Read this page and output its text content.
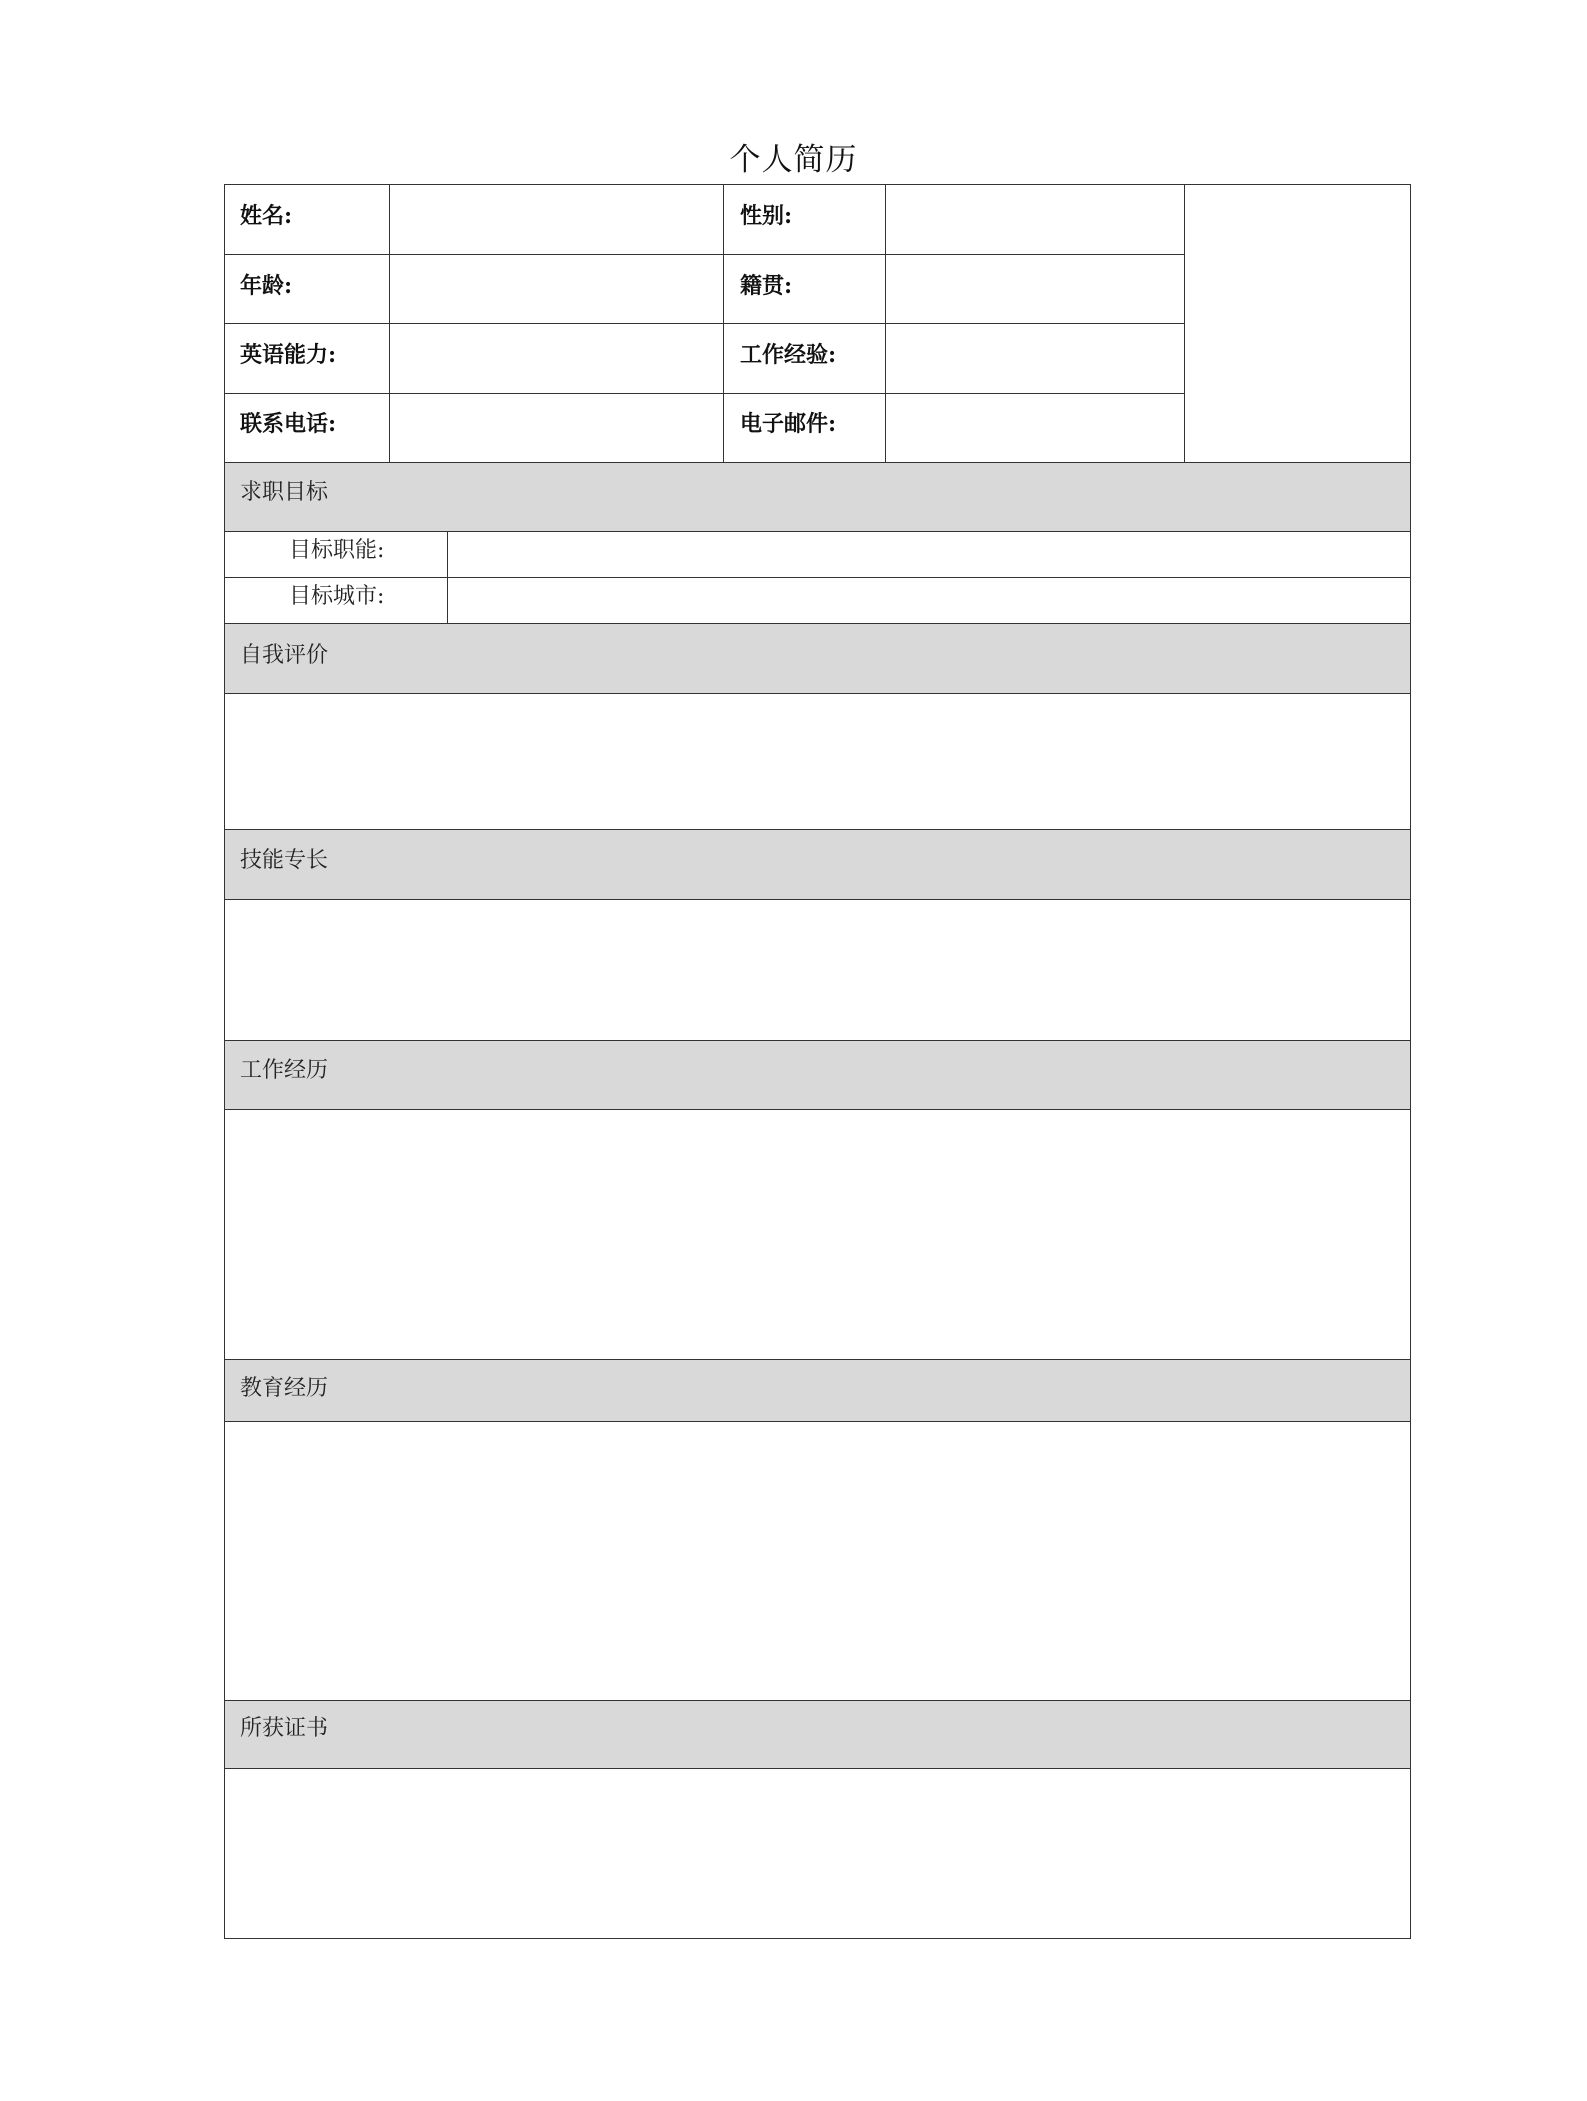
个人简历
姓名:	性别:
年龄:	籍贯:
英语能力:	工作经验:
联系电话:	电子邮件:
求职目标
目标职能:
目标城市:
自我评价
技能专长
工作经历
教育经历
所获证书
